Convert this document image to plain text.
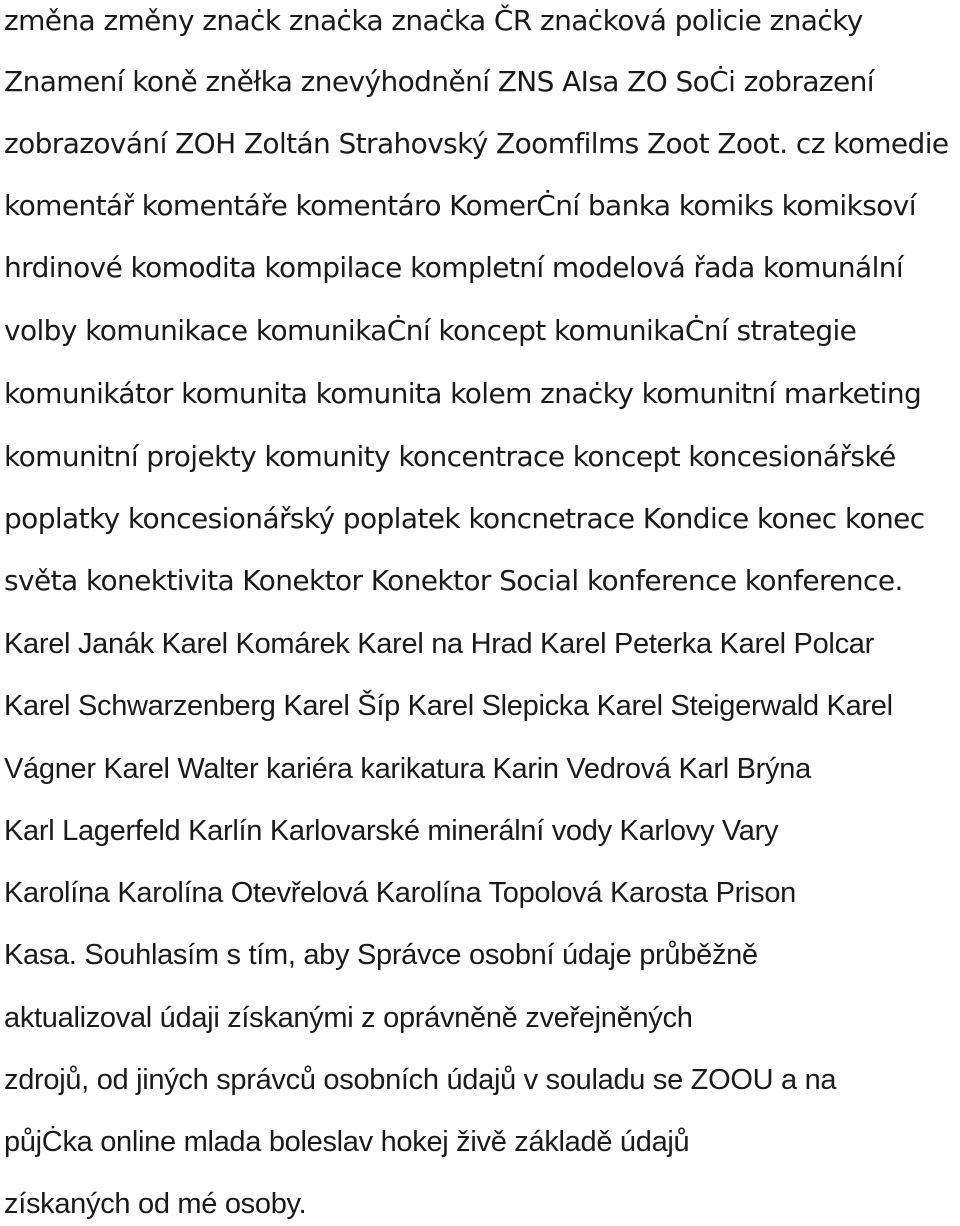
změna změny znaċk znaċka znaċka ČR znaċková policie znaċky

Znamení koně zněłka znevýhodnění ZNS AIsa ZO SoĊi zobrazení

zobrazování ZOH Zoltán Strahovský Zoomfilms Zoot Zoot. cz komedie

komentář komentáře komentáro KomerĊní banka komiks komiksoví

hrdinové komodita kompilace kompletní modelová řada komunální

volby komunikace komunikaĊní koncept komunikaĊní strategie

komunikátor komunita komunita kolem znaċky komunitní marketing

komunitní projekty komunity koncentrace koncept koncesionářské

poplatky koncesionářský poplatek koncnetrace Kondice konec konec

světa konektivita Konektor Konektor Social konference konference.

Karel Janák Karel Komárek Karel na Hrad Karel Peterka Karel Polcar

Karel Schwarzenberg Karel Šíp Karel Slepicka Karel Steigerwald Karel

Vágner Karel Walter kariéra karikatura Karin Vedrová Karl Brýna

Karl Lagerfeld Karlín Karlovarské minerální vody Karlovy Vary

Karolína Karolína Otevřelová Karolína Topolová Karosta Prison

Kasa. Souhlasím s tím, aby Správce osobní údaje průběžně

aktualizoval údaji získanými z oprávněně zveřejněných

zdrojů, od jiných správců osobních údajů v souladu se ZOOU a na

půjĊka online mlada boleslav hokej živě základě údajů

získaných od mé osoby.
